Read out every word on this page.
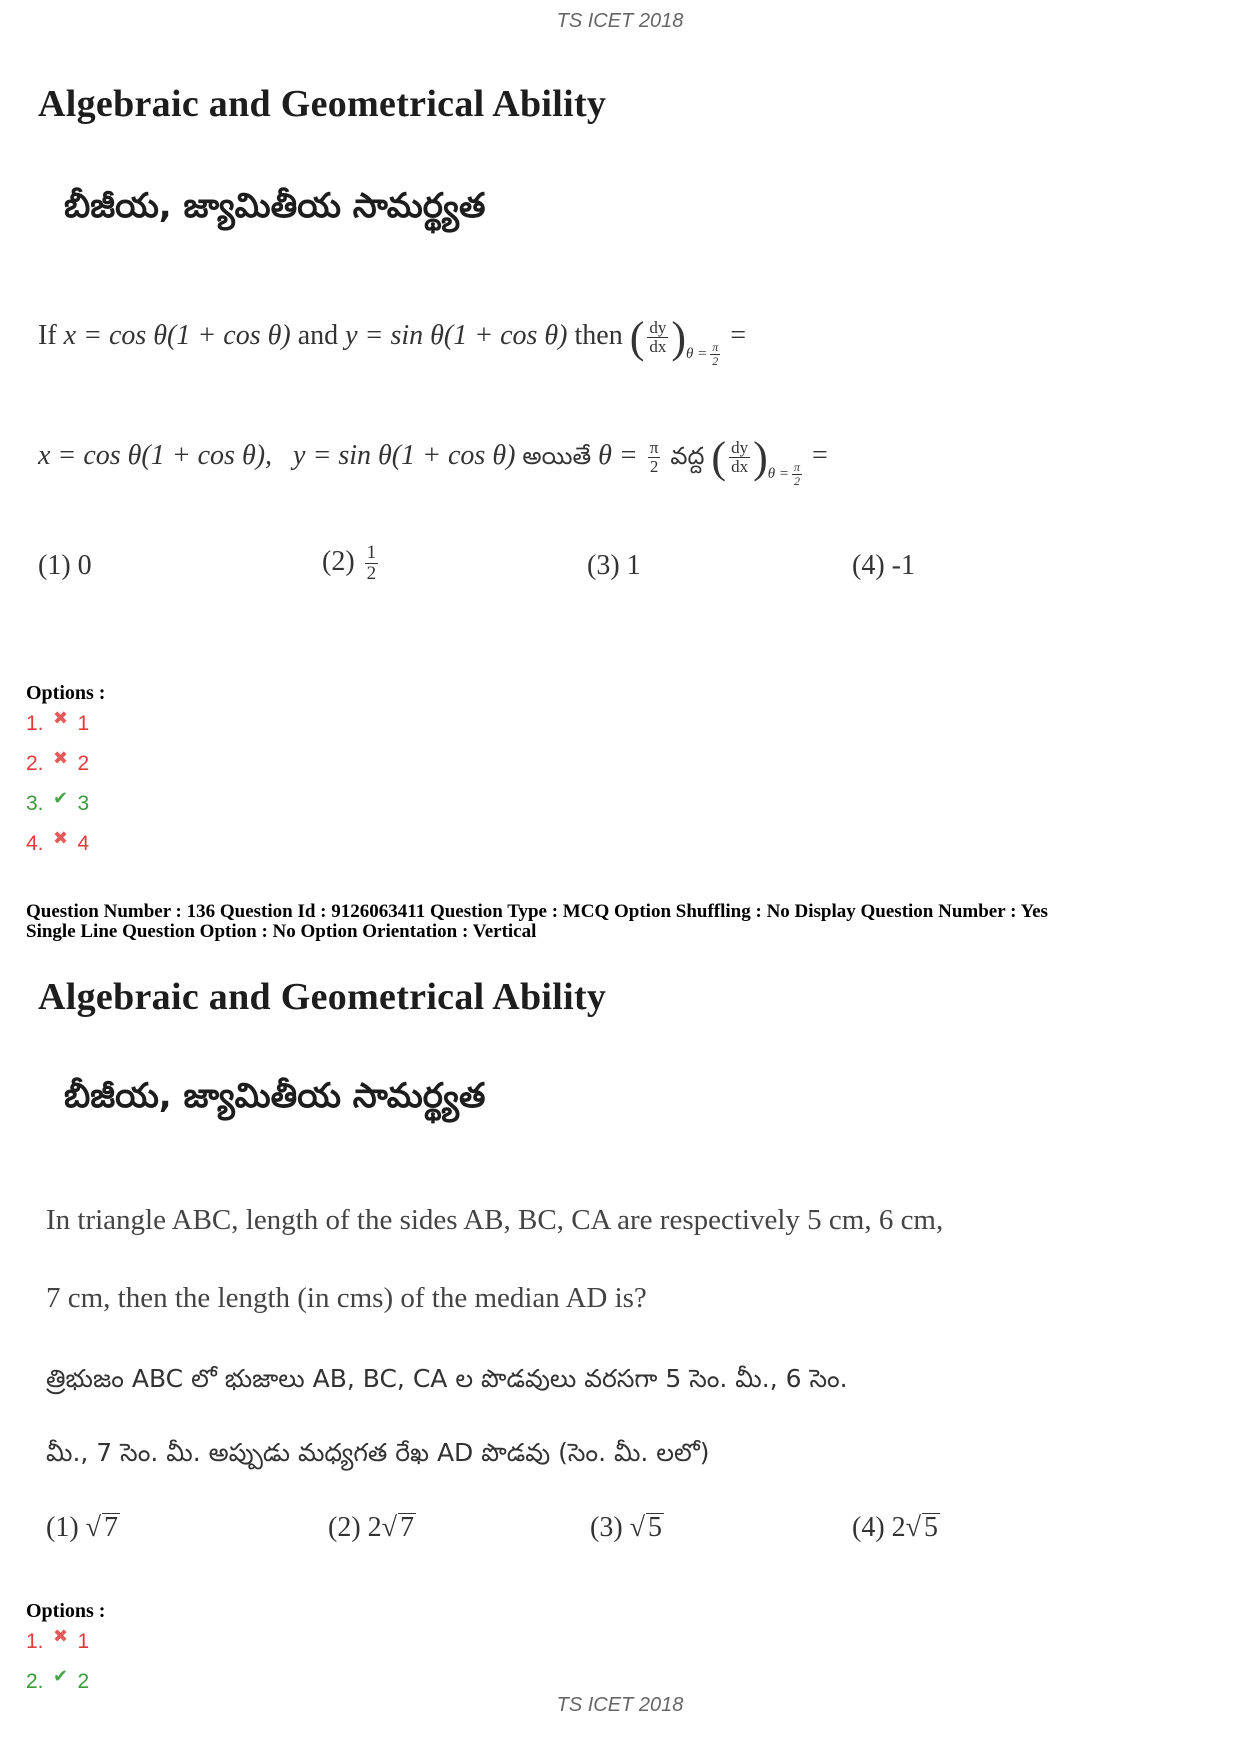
TS ICET 2018
Algebraic and Geometrical Ability
బీజీయ, జ్యామితీయ సామర్థ్యత
If x = cos θ(1 + cos θ) and y = sin θ(1 + cos θ) then ( $\frac{dy}{dx} )_{\theta = \frac{\pi}{2}}$
=
x = cos θ(1 + cos θ), y = sin θ(1 + cos θ) అయితే $\theta = \frac{\pi}{2}$ వద్ద ( $\frac{dy}{dx} )_{\theta = \frac{\pi}{2}}$
=
(1) 0	$(2) \frac{1}{2}$	(3) 1	(4) -1
Options :
1. ✖ 1
2. ✖ 2
3. ✔ 3
4. ✖ 4
Question Number : 136 Question Id : 9126063411 Question Type : MCQ Option Shuffling : No Display Question Number : Yes
Single Line Question Option : No Option Orientation : Vertical
Algebraic and Geometrical Ability
బీజీయ, జ్యామితీయ సామర్థ్యత
In triangle ABC, length of the sides AB, BC, CA are respectively 5 cm, 6 cm,
7 cm, then the length (in cms) of the median AD is?
త్రిభుజం ABC లో భుజాలు AB, BC, CA ల పొడవులు వరసగా 5 సెం. మీ., 6 సెం.
మీ., 7 సెం. మీ. అప్పుడు మధ్యగత రేఖ AD పొడవు (సెం. మీ. లలో)
(1) √ 7	(2) 2√ 7	(3) √ 5	(4) 2√ 5
Options :
1. ✖ 1
2. ✔ 2
TS ICET 2018
